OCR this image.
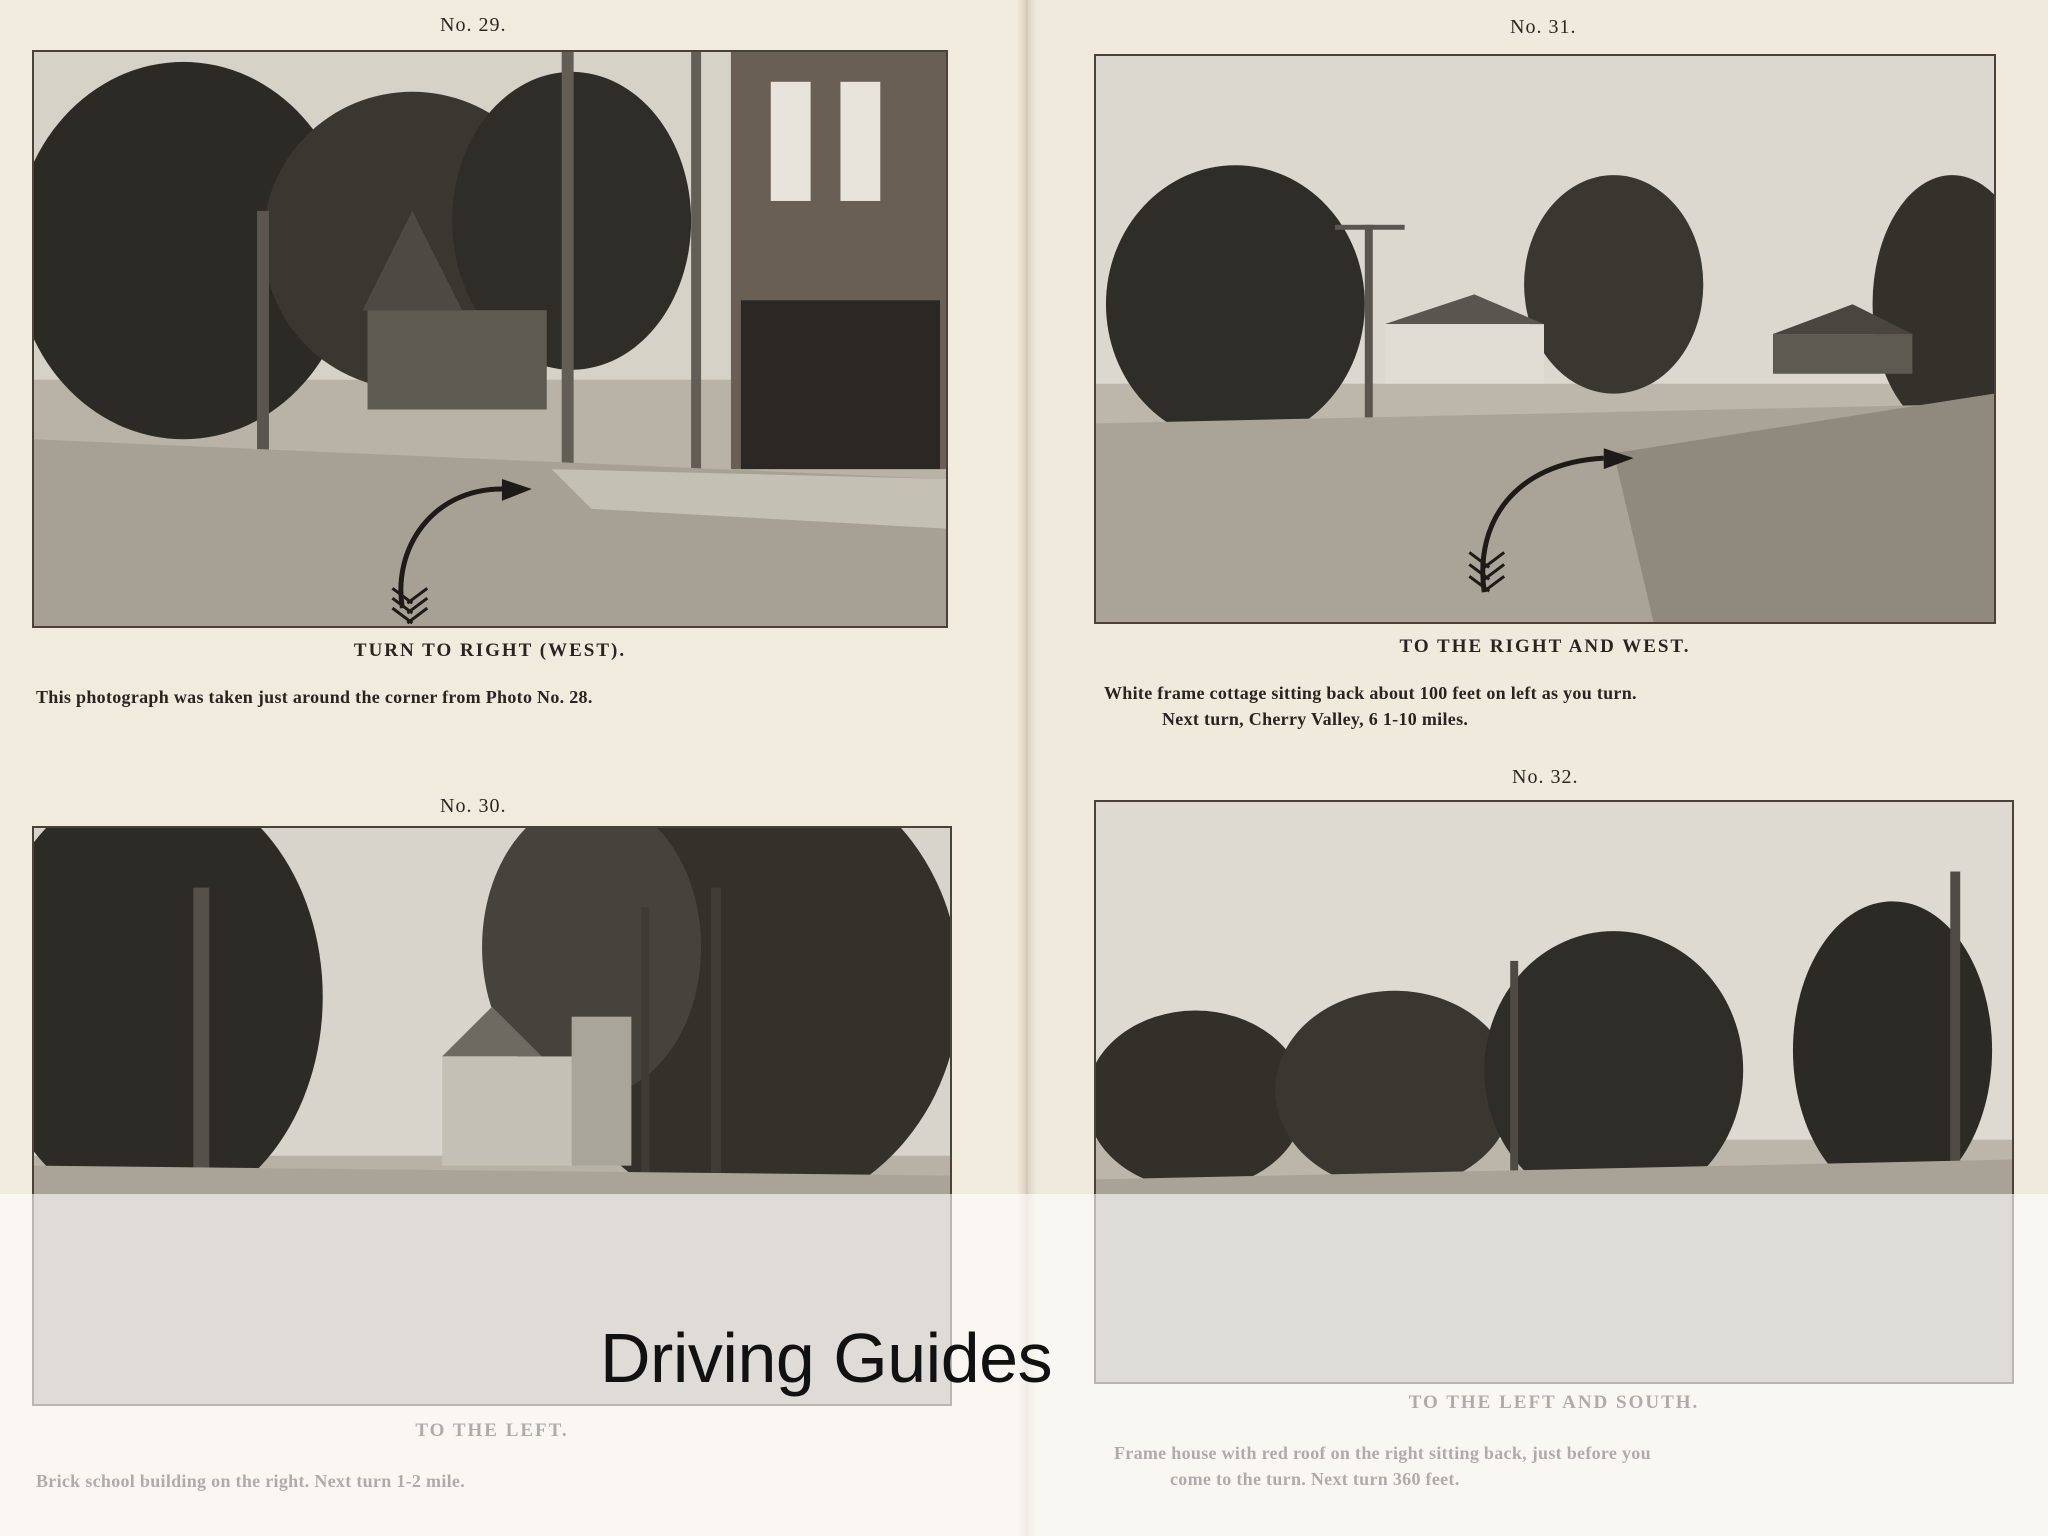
No. 29.
TURN TO RIGHT (WEST).
This photograph was taken just around the corner from Photo No. 28.
No. 30.
No. 31.
TO THE RIGHT AND WEST.
White frame cottage sitting back about 100 feet on left as you turn.
Next turn, Cherry Valley, 6 1-10 miles.
No. 32.
Driving Guides
